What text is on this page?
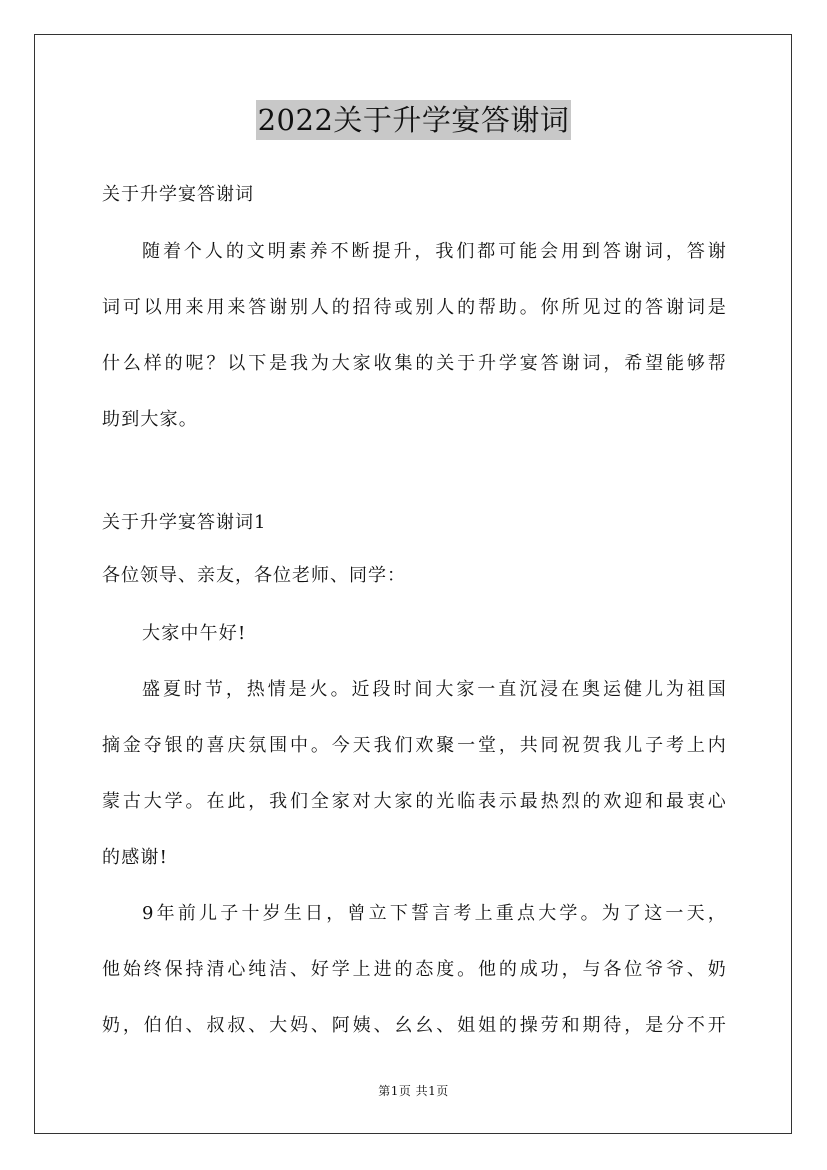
2022关于升学宴答谢词

关于升学宴答谢词

随着个人的文明素养不断提升，我们都可能会用到答谢词，答谢

词可以用来用来答谢别人的招待或别人的帮助。你所见过的答谢词是

什么样的呢？以下是我为大家收集的关于升学宴答谢词，希望能够帮

助到大家。

关于升学宴答谢词1

各位领导、亲友，各位老师、同学：

大家中午好!

盛夏时节，热情是火。近段时间大家一直沉浸在奥运健儿为祖国

摘金夺银的喜庆氛围中。今天我们欢聚一堂，共同祝贺我儿子考上内

蒙古大学。在此，我们全家对大家的光临表示最热烈的欢迎和最衷心

的感谢!

9年前儿子十岁生日，曾立下誓言考上重点大学。为了这一天，

他始终保持清心纯洁、好学上进的态度。他的成功，与各位爷爷、奶

奶，伯伯、叔叔、大妈、阿姨、幺幺、姐姐的操劳和期待，是分不开

第1页 共1页
